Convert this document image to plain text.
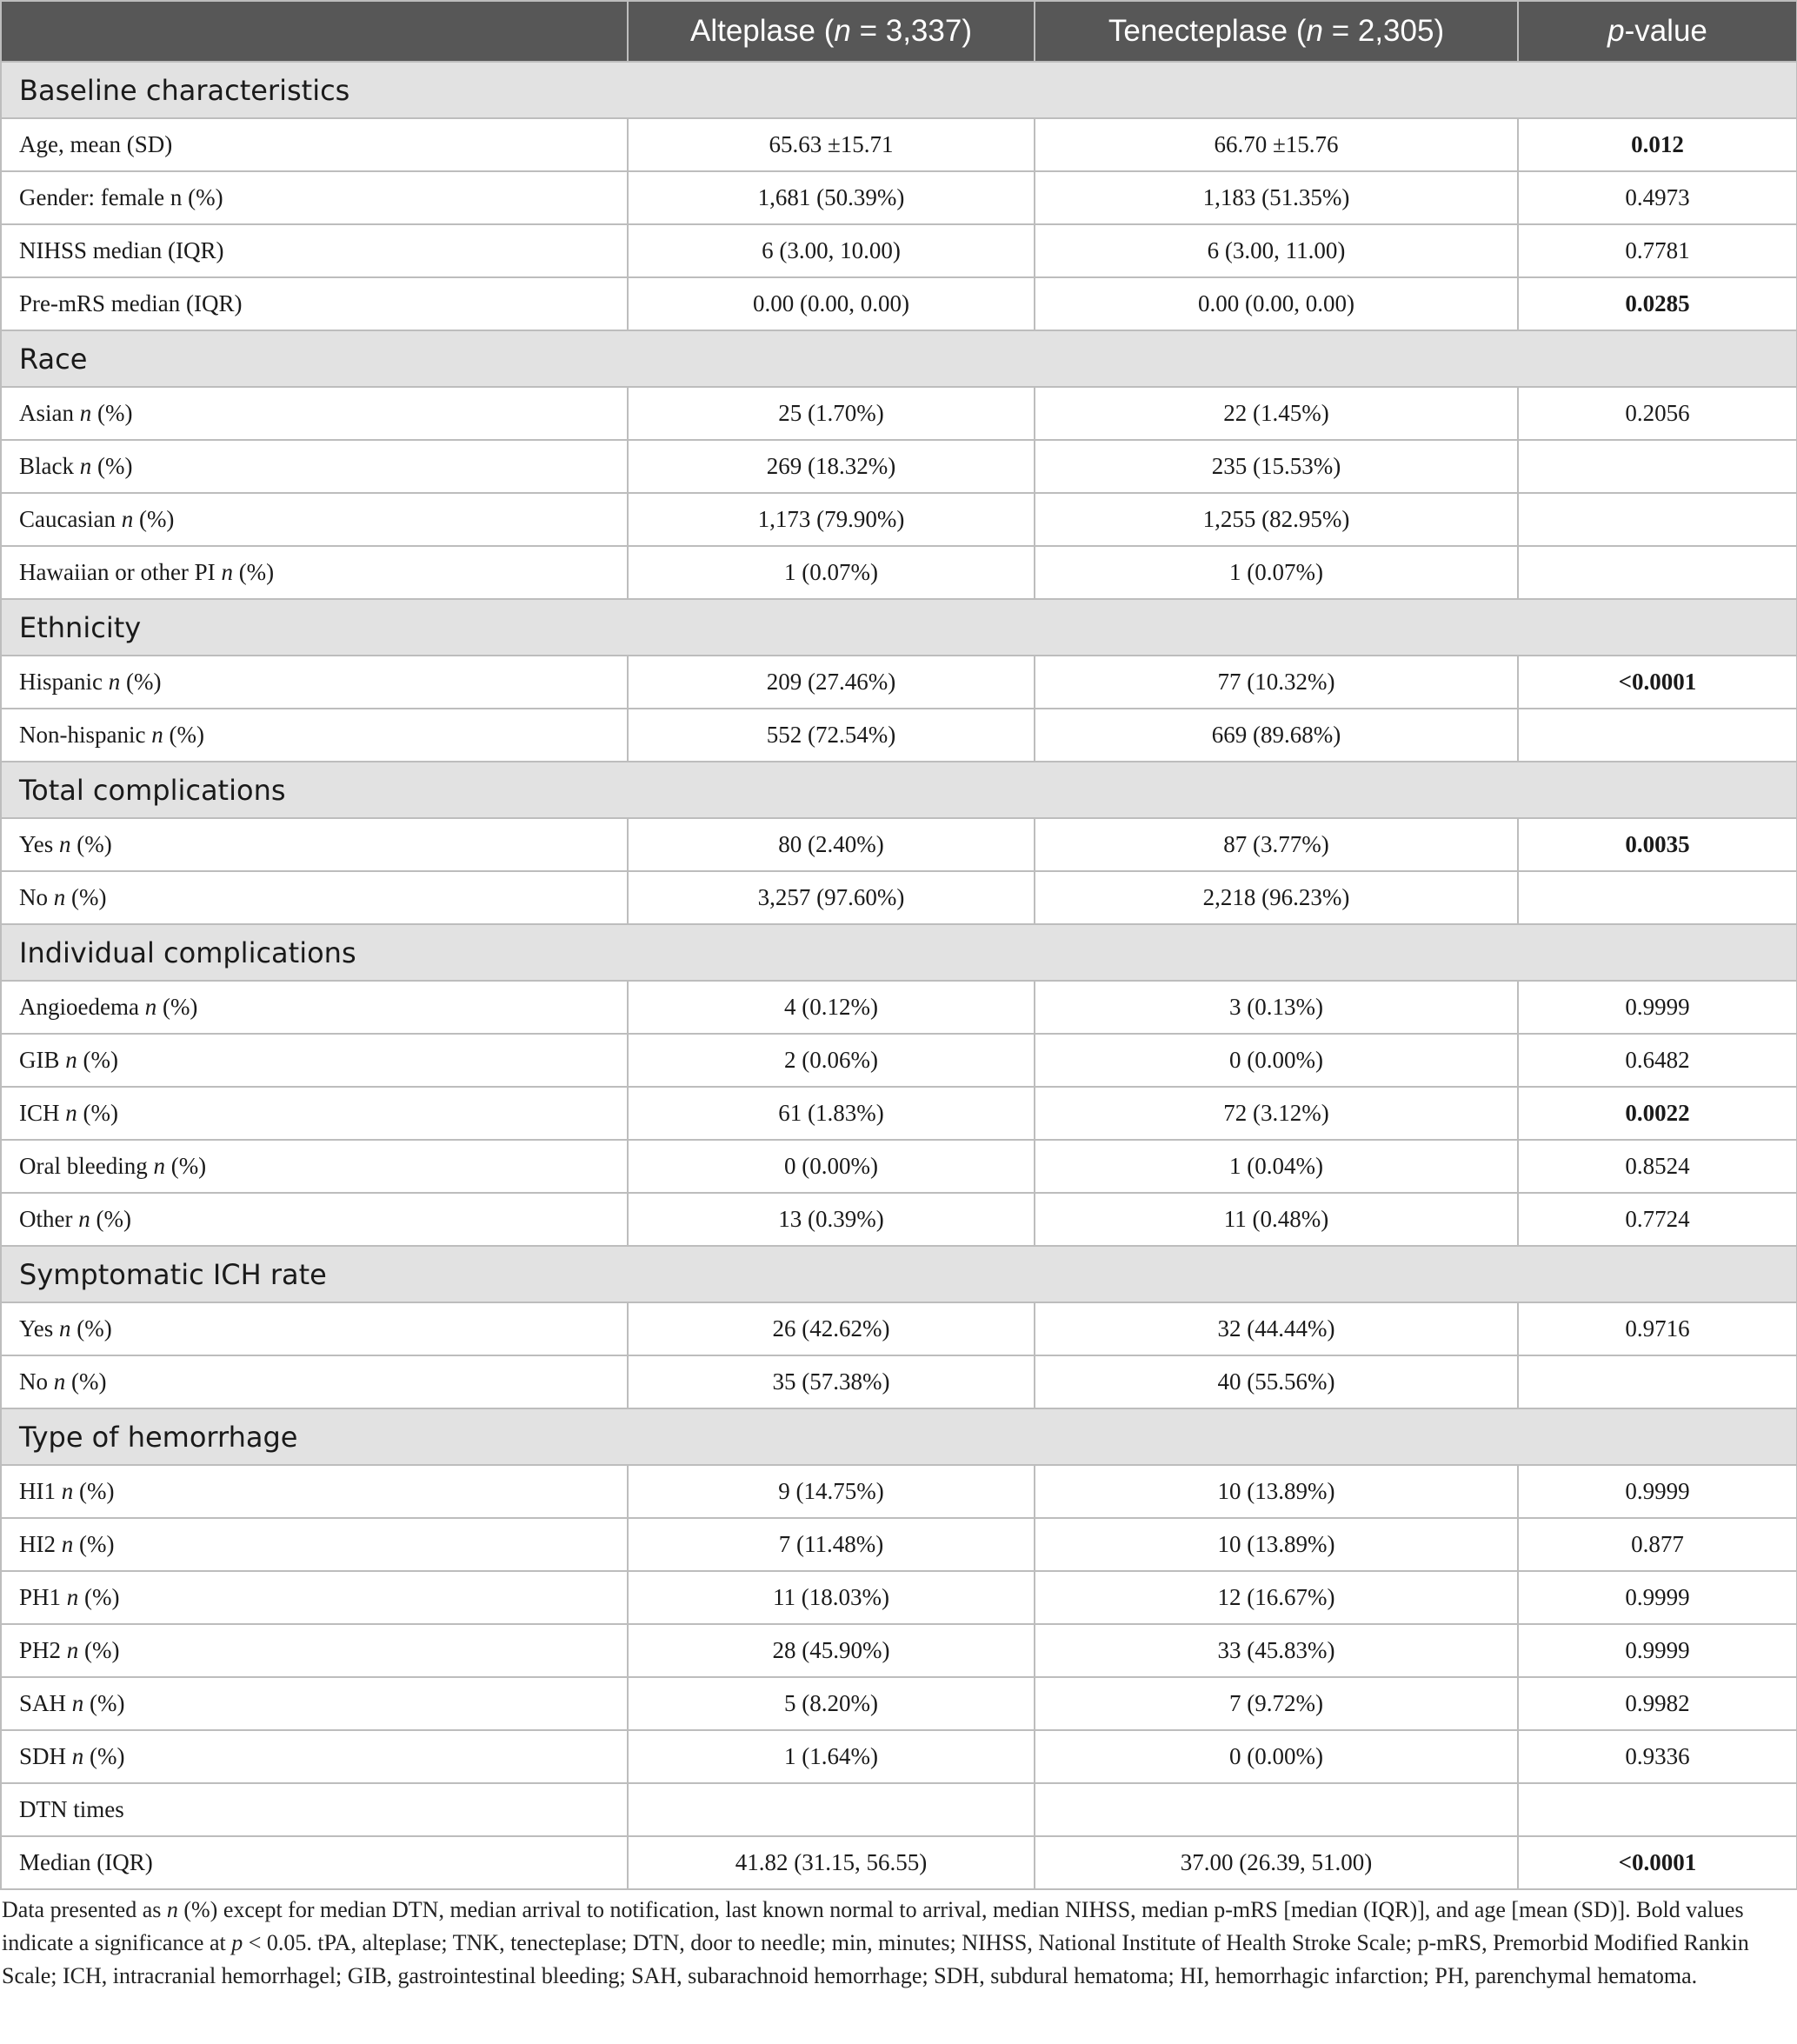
	Alteplase (n = 3,337)	Tenecteplase (n = 2,305)	p-value
Baseline characteristics			
Age, mean (SD)	65.63 ±15.71	66.70 ±15.76	0.012
Gender: female n (%)	1,681 (50.39%)	1,183 (51.35%)	0.4973
NIHSS median (IQR)	6 (3.00, 10.00)	6 (3.00, 11.00)	0.7781
Pre-mRS median (IQR)	0.00 (0.00, 0.00)	0.00 (0.00, 0.00)	0.0285
Race			
Asian n (%)	25 (1.70%)	22 (1.45%)	0.2056
Black n (%)	269 (18.32%)	235 (15.53%)	
Caucasian n (%)	1,173 (79.90%)	1,255 (82.95%)	
Hawaiian or other PI n (%)	1 (0.07%)	1 (0.07%)	
Ethnicity			
Hispanic n (%)	209 (27.46%)	77 (10.32%)	<0.0001
Non-hispanic n (%)	552 (72.54%)	669 (89.68%)	
Total complications			
Yes n (%)	80 (2.40%)	87 (3.77%)	0.0035
No n (%)	3,257 (97.60%)	2,218 (96.23%)	
Individual complications			
Angioedema n (%)	4 (0.12%)	3 (0.13%)	0.9999
GIB n (%)	2 (0.06%)	0 (0.00%)	0.6482
ICH n (%)	61 (1.83%)	72 (3.12%)	0.0022
Oral bleeding n (%)	0 (0.00%)	1 (0.04%)	0.8524
Other n (%)	13 (0.39%)	11 (0.48%)	0.7724
Symptomatic ICH rate			
Yes n (%)	26 (42.62%)	32 (44.44%)	0.9716
No n (%)	35 (57.38%)	40 (55.56%)	
Type of hemorrhage			
HI1 n (%)	9 (14.75%)	10 (13.89%)	0.9999
HI2 n (%)	7 (11.48%)	10 (13.89%)	0.877
PH1 n (%)	11 (18.03%)	12 (16.67%)	0.9999
PH2 n (%)	28 (45.90%)	33 (45.83%)	0.9999
SAH n (%)	5 (8.20%)	7 (9.72%)	0.9982
SDH n (%)	1 (1.64%)	0 (0.00%)	0.9336
DTN times			
Median (IQR)	41.82 (31.15, 56.55)	37.00 (26.39, 51.00)	<0.0001
Data presented as n (%) except for median DTN, median arrival to notification, last known normal to arrival, median NIHSS, median p-mRS [median (IQR)], and age [mean (SD)]. Bold values indicate a significance at p < 0.05. tPA, alteplase; TNK, tenecteplase; DTN, door to needle; min, minutes; NIHSS, National Institute of Health Stroke Scale; p-mRS, Premorbid Modified Rankin Scale; ICH, intracranial hemorrhagel; GIB, gastrointestinal bleeding; SAH, subarachnoid hemorrhage; SDH, subdural hematoma; HI, hemorrhagic infarction; PH, parenchymal hematoma.
